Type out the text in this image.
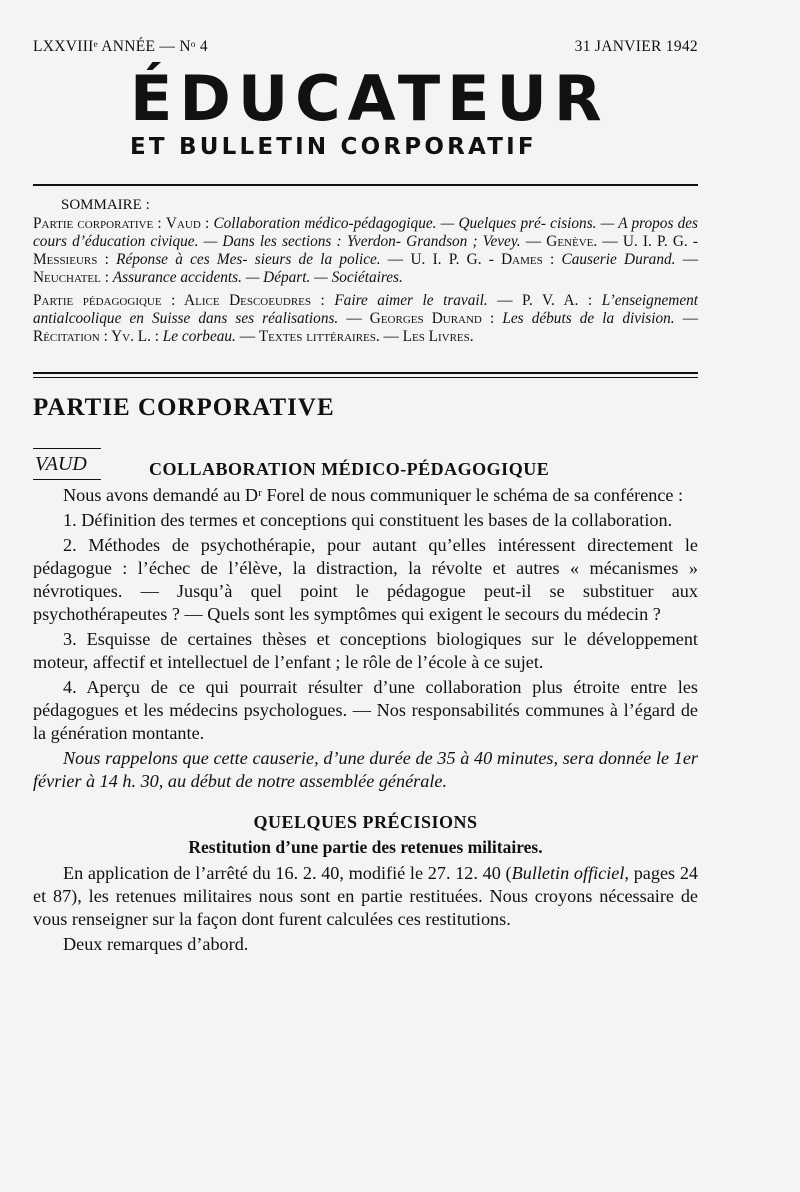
LXXVIIIᵉ ANNÉE — Nᵒ 4	31 JANVIER 1942
ÉDUCATEUR
ET BULLETIN CORPORATIF
SOMMAIRE :

Partie corporative : Vaud : Collaboration médico-pédagogique. — Quelques pré- cisions. — A propos des cours d’éducation civique. — Dans les sections : Yverdon- Grandson ; Vevey. — Genève. — U. I. P. G. - Messieurs : Réponse à ces Mes- sieurs de la police. — U. I. P. G. - Dames : Causerie Durand. — Neuchatel : Assurance accidents. — Départ. — Sociétaires.

Partie pédagogique : Alice Descoeudres : Faire aimer le travail. — P. V. A. : L’enseignement antialcoolique en Suisse dans ses réalisations. — Georges Durand : Les débuts de la division. — Récitation : Yv. L. : Le corbeau. — Textes littéraires. — Les Livres.

PARTIE CORPORATIVE
VAUD	COLLABORATION MÉDICO-PÉDAGOGIQUE

Nous avons demandé au Dʳ Forel de nous communiquer le schéma de sa conférence :

1. Définition des termes et conceptions qui constituent les bases de la collaboration.

2. Méthodes de psychothérapie, pour autant qu’elles intéressent directement le pédagogue : l’échec de l’élève, la distraction, la révolte et autres « mécanismes » névrotiques. — Jusqu’à quel point le pédagogue peut-il se substituer aux psychothérapeutes ? — Quels sont les symptômes qui exigent le secours du médecin ?

3. Esquisse de certaines thèses et conceptions biologiques sur le développement moteur, affectif et intellectuel de l’enfant ; le rôle de l’école à ce sujet.

4. Aperçu de ce qui pourrait résulter d’une collaboration plus étroite entre les pédagogues et les médecins psychologues. — Nos responsabilités communes à l’égard de la génération montante.

Nous rappelons que cette causerie, d’une durée de 35 à 40 minutes, sera donnée le 1er février à 14 h. 30, au début de notre assemblée générale.

QUELQUES PRÉCISIONS
Restitution d’une partie des retenues militaires.

En application de l’arrêté du 16. 2. 40, modifié le 27. 12. 40 (Bulletin officiel, pages 24 et 87), les retenues militaires nous sont en partie restituées. Nous croyons nécessaire de vous renseigner sur la façon dont furent calculées ces restitutions.

Deux remarques d’abord.
